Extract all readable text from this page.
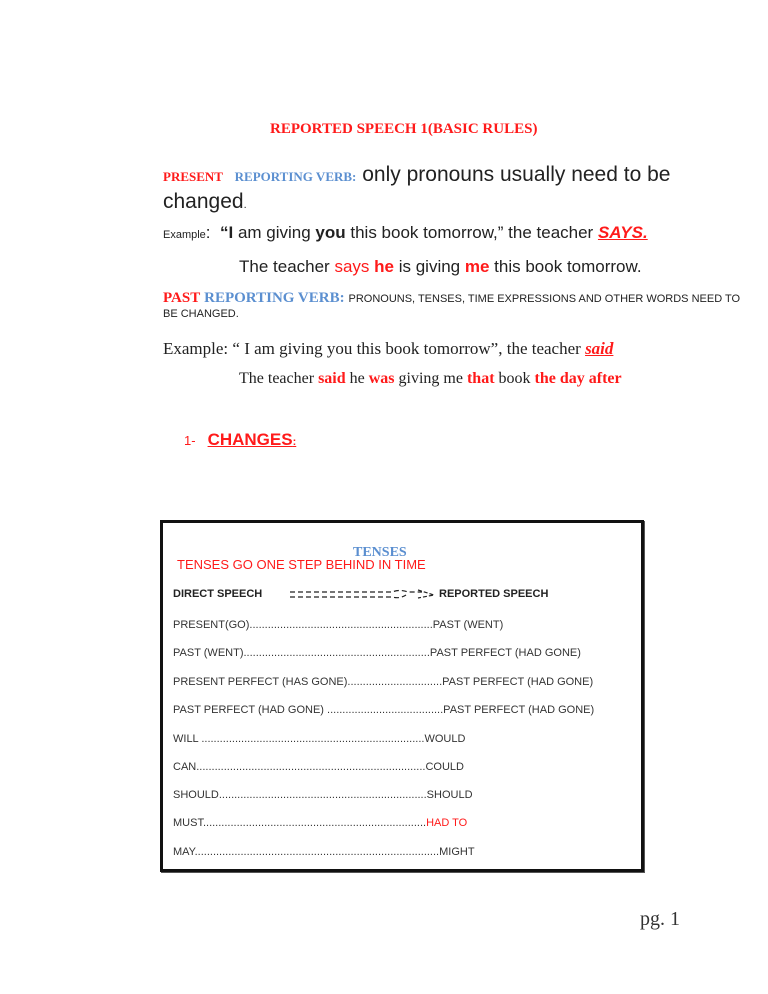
REPORTED SPEECH 1(BASIC RULES)
PRESENT REPORTING VERB: only pronouns usually need to be
changed.
Example: “I am giving you this book tomorrow,” the teacher SAYS.
The teacher says he is giving me this book tomorrow.
PAST REPORTING VERB: PRONOUNS, TENSES, TIME EXPRESSIONS AND OTHER WORDS NEED TO
BE CHANGED.
Example: “ I am giving you this book tomorrow”, the teacher said
The teacher said he was giving me that book the day after
1- CHANGES:
TENSES
TENSES GO ONE STEP BEHIND IN TIME
DIRECT SPEECH	REPORTED SPEECH
PRESENT(GO)............................................................PAST (WENT)
PAST (WENT).............................................................PAST PERFECT (HAD GONE)
PRESENT PERFECT (HAS GONE)...............................PAST PERFECT (HAD GONE)
PAST PERFECT (HAD GONE) ......................................PAST PERFECT (HAD GONE)
WILL .........................................................................WOULD
CAN...........................................................................COULD
SHOULD....................................................................SHOULD
MUST.........................................................................HAD TO
MAY................................................................................MIGHT
pg. 1
